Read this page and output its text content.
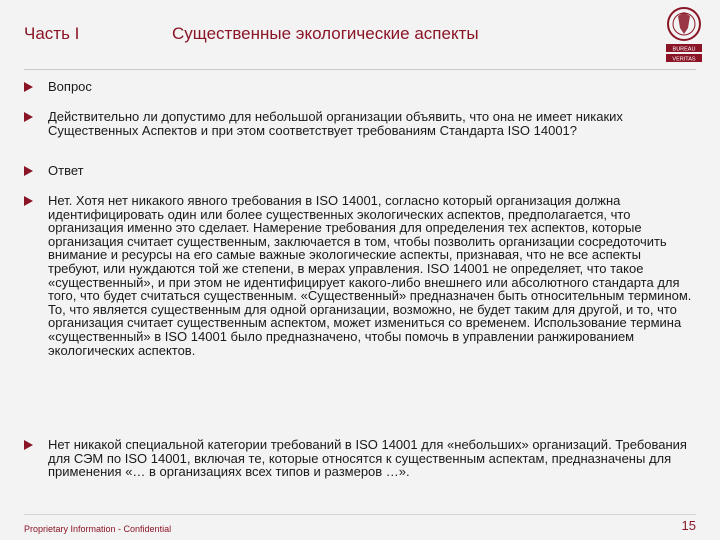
Часть I	Существенные экологические аспекты
BUREAU
VERITAS
Вопрос
Действительно ли допустимо для небольшой организации объявить, что она не имеет никаких Существенных Аспектов и при этом соответствует требованиям Стандарта ISO 14001?
Ответ
Нет. Хотя нет никакого явного требования в ISO 14001, согласно который организация должна идентифицировать один или более существенных экологических аспектов, предполагается, что организация именно это сделает. Намерение требования для определения тех аспектов, которые организация считает существенным, заключается в том, чтобы позволить организации сосредоточить внимание и ресурсы на его самые важные экологические аспекты, признавая, что не все аспекты требуют, или нуждаются той же степени, в мерах управления. ISO 14001 не определяет, что такое «существенный», и при этом не идентифицирует какого-либо внешнего или абсолютного стандарта для того, что будет считаться существенным. «Существенный» предназначен быть относительным термином. То, что является существенным для одной организации, возможно, не будет таким для другой, и то, что организация считает существенным аспектом, может измениться со временем. Использование термина «существенный» в ISO 14001 было предназначено, чтобы помочь в управлении ранжированием экологических аспектов.
Нет никакой специальной категории требований в ISO 14001 для «небольших» организаций. Требования для СЭМ по ISO 14001, включая те, которые относятся к существенным аспектам, предназначены для применения «… в организациях всех типов и размеров …».
Proprietary Information - Confidential	15
